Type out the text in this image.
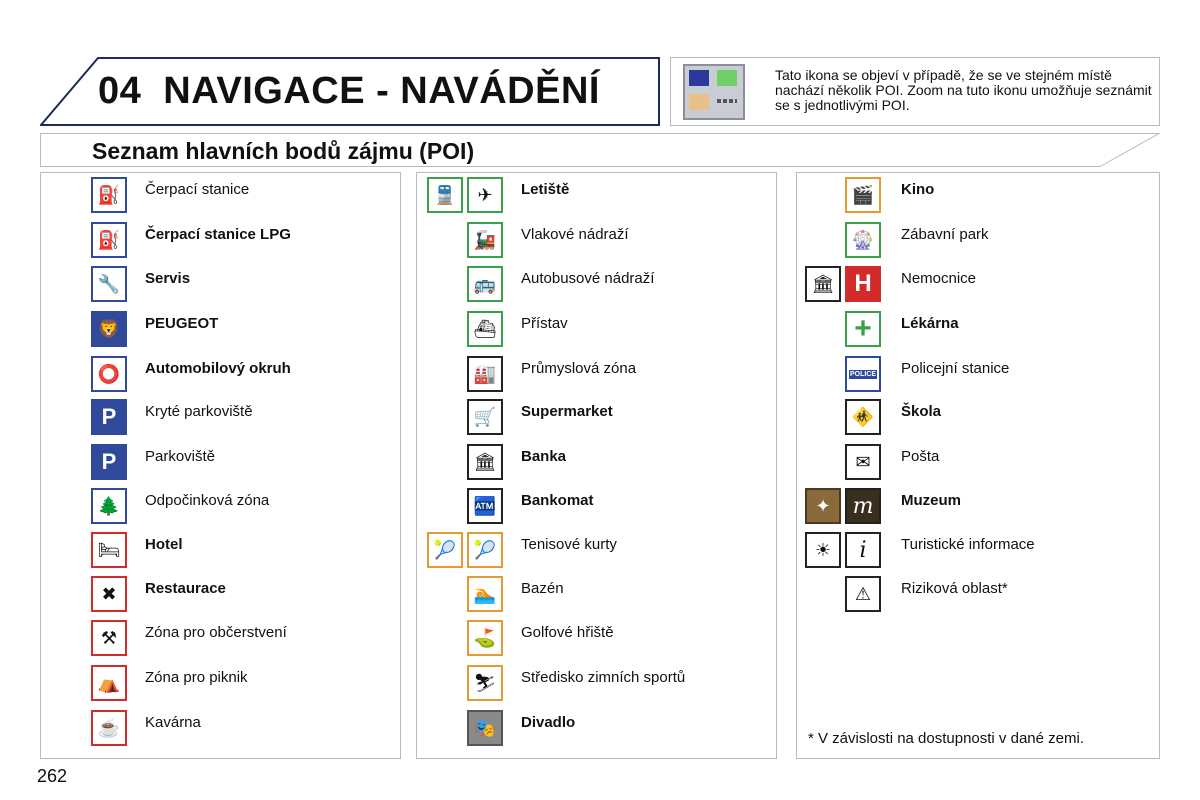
04 NAVIGACE - NAVÁDĚNÍ	Tato ikona se objeví v případě, že se ve stejném místě nachází několik POI. Zoom na tuto ikonu umožňuje seznámit se s jednotlivými POI.
Seznam hlavních bodů zájmu (POI)
⛽ Čerpací stanice
⛽ Čerpací stanice LPG
🔧 Servis
🦁 PEUGEOT
⭕ Automobilový okruh
P Kryté parkoviště
P Parkoviště
🌲 Odpočinková zóna
🛏 Hotel
✖ Restaurace
⚒ Zóna pro občerstvení
⛺ Zóna pro piknik
☕ Kavárna
🚆	✈ Letiště
🚂 Vlakové nádraží
🚌 Autobusové nádraží
⛴ Přístav
🏭 Průmyslová zóna
🛒 Supermarket
🏛 Banka
🏧 Bankomat
🎾 🎾 Tenisové kurty
🏊 Bazén
⛳ Golfové hřiště
⛷ Středisko zimních sportů
🎭 Divadlo
🎬 Kino
🎡 Zábavní park
🏛 H Nemocnice
+ Lékárna
POLICE Policejní stanice
🚸 Škola
✉ Pošta
✦	m Muzeum
☀	i Turistické informace
⚠ Riziková oblast*
* V závislosti na dostupnosti v dané zemi.
262
